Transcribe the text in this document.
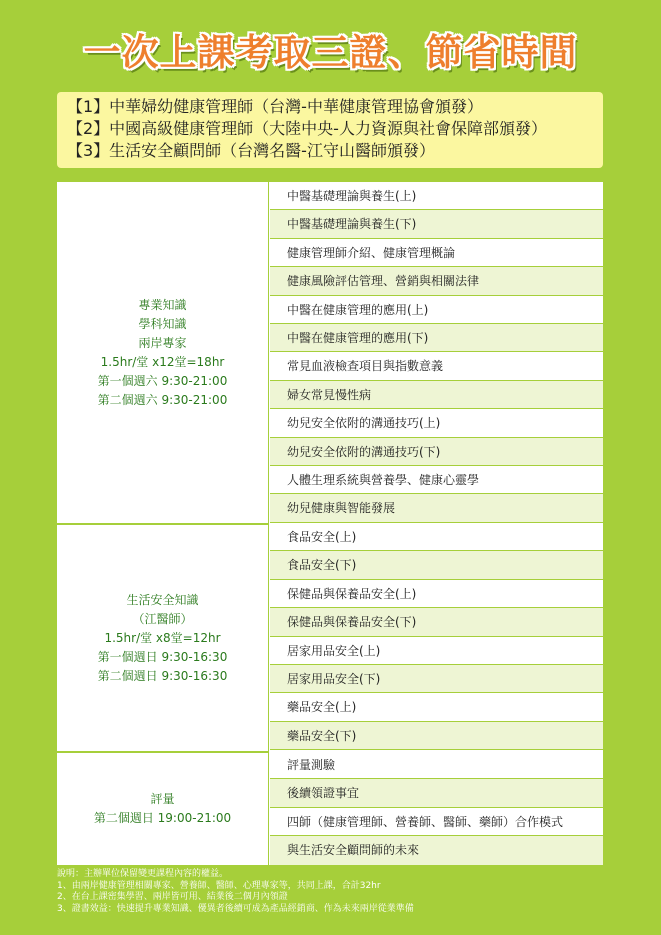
一次上課考取三證、節省時間
【1】中華婦幼健康管理師（台灣-中華健康管理協會頒發）
【2】中國高級健康管理師（大陸中央-人力資源與社會保障部頒發）
【3】生活安全顧問師（台灣名醫-江守山醫師頒發）
專業知識
學科知識
兩岸專家
1.5hr/堂 x12堂=18hr
第一個週六 9:30-21:00
第二個週六 9:30-21:00
中醫基礎理論與養生(上)
中醫基礎理論與養生(下)
健康管理師介紹、健康管理概論
健康風險評估管理、營銷與相關法律
中醫在健康管理的應用(上)
中醫在健康管理的應用(下)
常見血液檢查項目與指數意義
婦女常見慢性病
幼兒安全依附的溝通技巧(上)
幼兒安全依附的溝通技巧(下)
人體生理系統與營養學、健康心靈學
幼兒健康與智能發展
生活安全知識
（江醫師）
1.5hr/堂 x8堂=12hr
第一個週日 9:30-16:30
第二個週日 9:30-16:30
食品安全(上)
食品安全(下)
保健品與保養品安全(上)
保健品與保養品安全(下)
居家用品安全(上)
居家用品安全(下)
藥品安全(上)
藥品安全(下)
評量
第二個週日 19:00-21:00
評量測驗
後續領證事宜
四師（健康管理師、營養師、醫師、藥師）合作模式
與生活安全顧問師的未來
說明：主辦單位保留變更課程內容的權益。
1、由兩岸健康管理相關專家、營養師、醫師、心理專家等，共同上課，合計32hr
2、在台上課密集學習、兩岸皆可用、結業後二個月內領證
3、證書效益：快速提升專業知識、優異者後續可成為產品經銷商、作為未來兩岸從業準備
